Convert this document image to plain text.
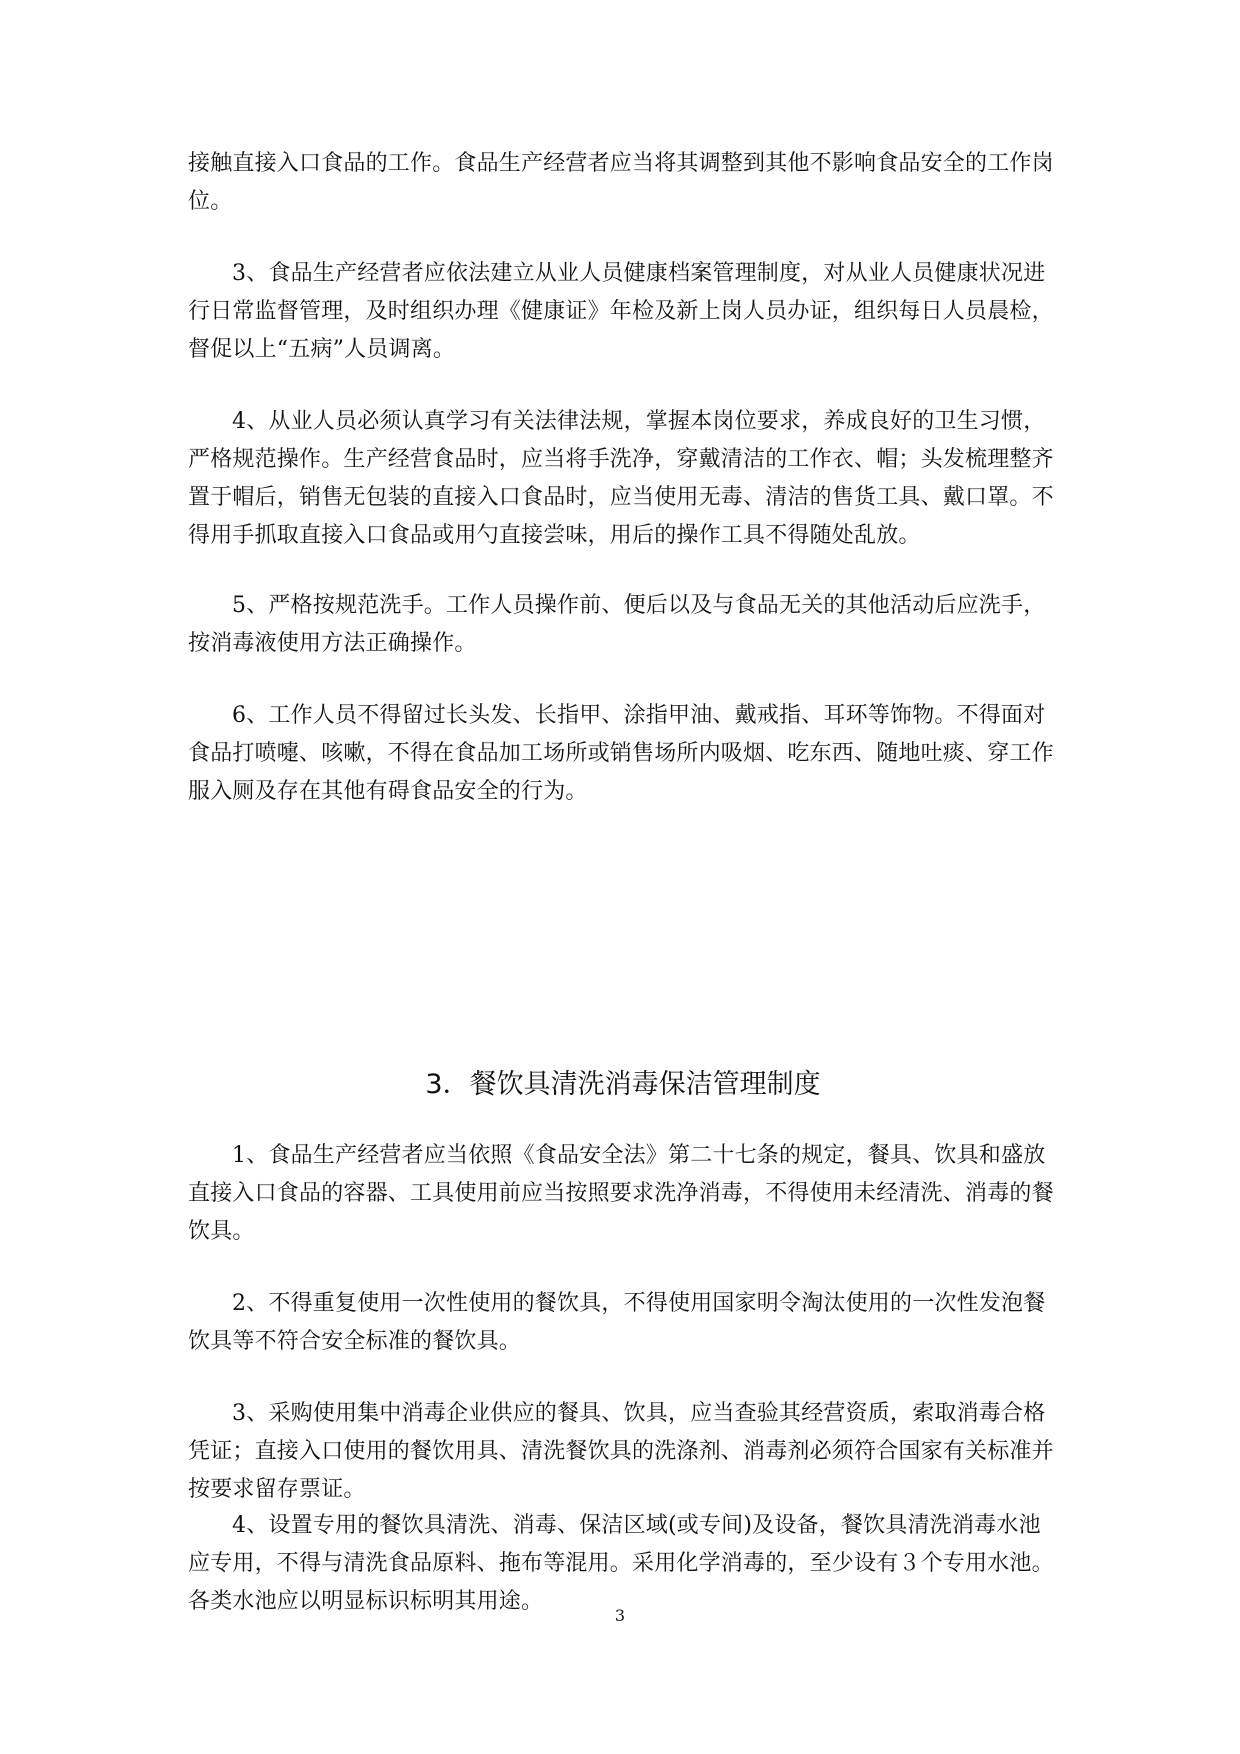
接触直接入口食品的工作。食品生产经营者应当将其调整到其他不影响食品安全的工作岗位。

3、食品生产经营者应依法建立从业人员健康档案管理制度，对从业人员健康状况进行日常监督管理，及时组织办理《健康证》年检及新上岗人员办证，组织每日人员晨检，督促以上“五病”人员调离。

4、从业人员必须认真学习有关法律法规，掌握本岗位要求，养成良好的卫生习惯，严格规范操作。生产经营食品时，应当将手洗净，穿戴清洁的工作衣、帽；头发梳理整齐置于帽后，销售无包装的直接入口食品时，应当使用无毒、清洁的售货工具、戴口罩。不得用手抓取直接入口食品或用勺直接尝味，用后的操作工具不得随处乱放。

5、严格按规范洗手。工作人员操作前、便后以及与食品无关的其他活动后应洗手，按消毒液使用方法正确操作。

6、工作人员不得留过长头发、长指甲、涂指甲油、戴戒指、耳环等饰物。不得面对食品打喷嚏、咳嗽，不得在食品加工场所或销售场所内吸烟、吃东西、随地吐痰、穿工作服入厕及存在其他有碍食品安全的行为。

3．餐饮具清洗消毒保洁管理制度

1、食品生产经营者应当依照《食品安全法》第二十七条的规定，餐具、饮具和盛放直接入口食品的容器、工具使用前应当按照要求洗净消毒，不得使用未经清洗、消毒的餐饮具。

2、不得重复使用一次性使用的餐饮具，不得使用国家明令淘汰使用的一次性发泡餐饮具等不符合安全标准的餐饮具。

3、采购使用集中消毒企业供应的餐具、饮具，应当查验其经营资质，索取消毒合格凭证；直接入口使用的餐饮用具、清洗餐饮具的洗涤剂、消毒剂必须符合国家有关标准并按要求留存票证。

4、设置专用的餐饮具清洗、消毒、保洁区域(或专间)及设备，餐饮具清洗消毒水池应专用，不得与清洗食品原料、拖布等混用。采用化学消毒的，至少设有３个专用水池。各类水池应以明显标识标明其用途。

3
